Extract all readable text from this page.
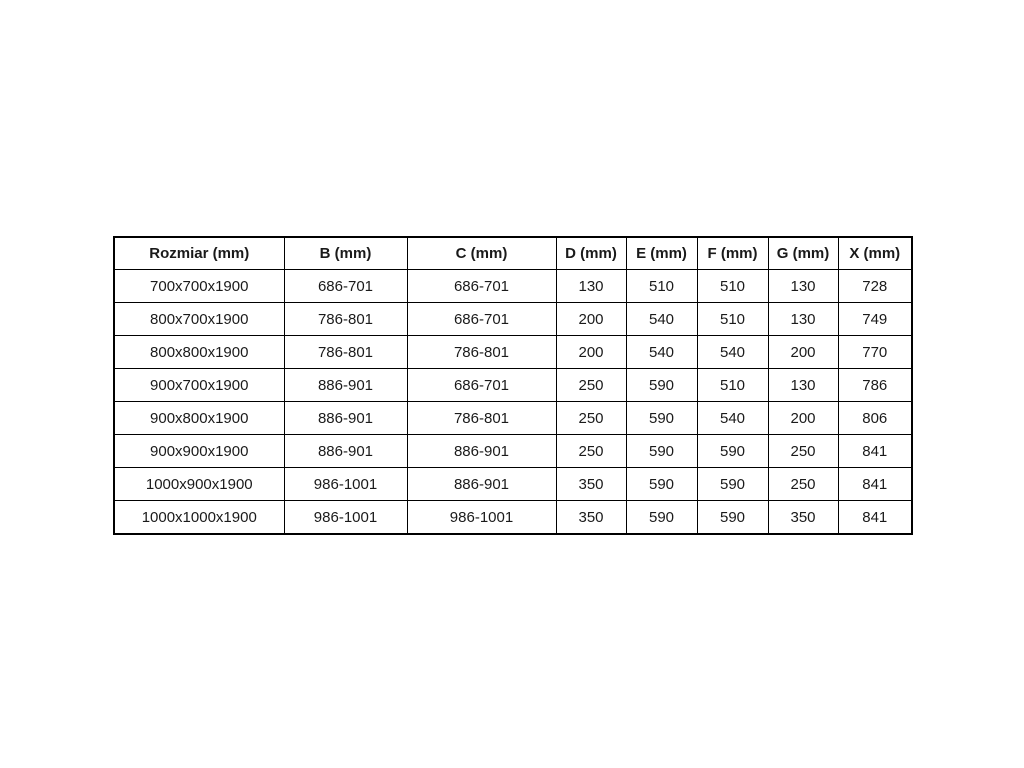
Rozmiar (mm)	B (mm)	C (mm)	D (mm)	E (mm)	F (mm)	G (mm)	X (mm)
700x700x1900	686-701	686-701	130	510	510	130	728
800x700x1900	786-801	686-701	200	540	510	130	749
800x800x1900	786-801	786-801	200	540	540	200	770
900x700x1900	886-901	686-701	250	590	510	130	786
900x800x1900	886-901	786-801	250	590	540	200	806
900x900x1900	886-901	886-901	250	590	590	250	841
1000x900x1900	986-1001	886-901	350	590	590	250	841
1000x1000x1900	986-1001	986-1001	350	590	590	350	841
